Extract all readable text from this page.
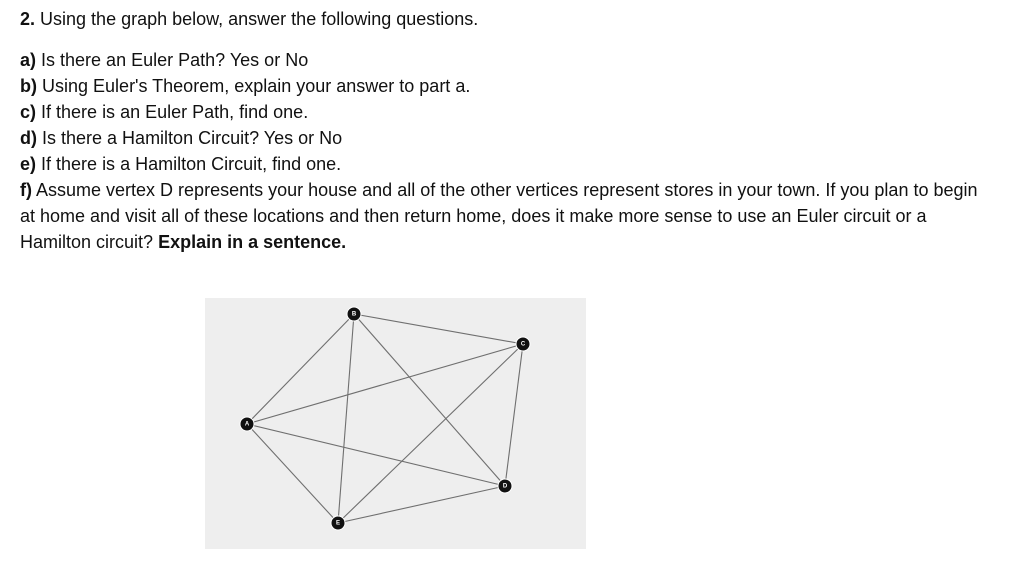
2. Using the graph below, answer the following questions.
a) Is there an Euler Path? Yes or No
b) Using Euler's Theorem, explain your answer to part a.
c) If there is an Euler Path, find one.
d) Is there a Hamilton Circuit? Yes or No
e) If there is a Hamilton Circuit, find one.
f) Assume vertex D represents your house and all of the other vertices represent stores in your town. If you plan to begin at home and visit all of these locations and then return home, does it make more sense to use an Euler circuit or a Hamilton circuit? Explain in a sentence.
A
B
C
D
E
